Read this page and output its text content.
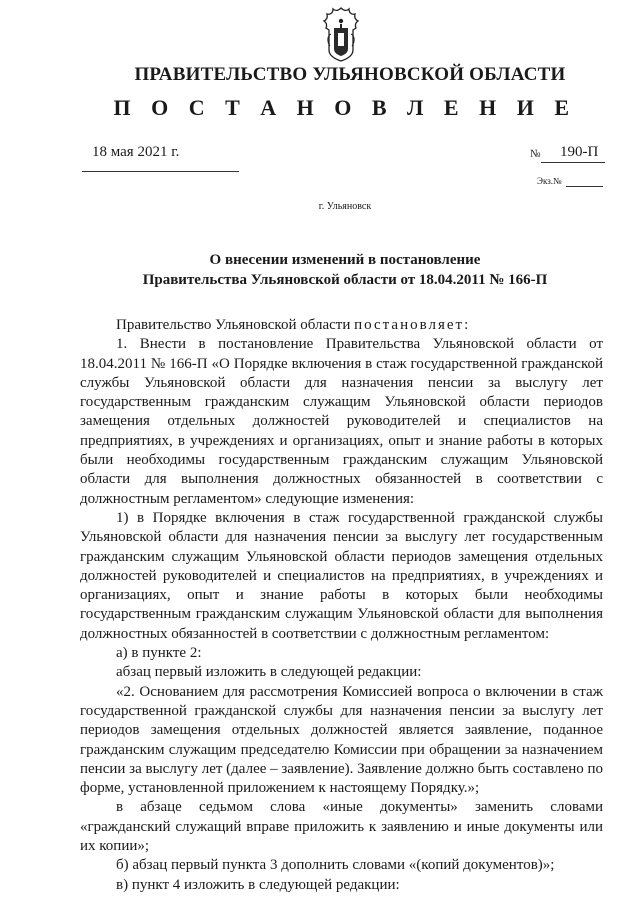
ПРАВИТЕЛЬСТВО УЛЬЯНОВСКОЙ ОБЛАСТИ
П О С Т А Н О В Л Е Н И Е
18 мая 2021 г.	№ 190-П
Экз.№
г. Ульяновск
О внесении изменений в постановление
Правительства Ульяновской области от 18.04.2011 № 166-П

Правительство Ульяновской области постановляет:

1. Внести в постановление Правительства Ульяновской области от 18.04.2011 № 166-П «О Порядке включения в стаж государственной гражданской службы Ульяновской области для назначения пенсии за выслугу лет государственным гражданским служащим Ульяновской области периодов замещения отдельных должностей руководителей и специалистов на предприятиях, в учреждениях и организациях, опыт и знание работы в которых были необходимы государственным гражданским служащим Ульяновской области для выполнения должностных обязанностей в соответствии с должностным регламентом» следующие изменения:

1) в Порядке включения в стаж государственной гражданской службы Ульяновской области для назначения пенсии за выслугу лет государственным гражданским служащим Ульяновской области периодов замещения отдельных должностей руководителей и специалистов на предприятиях, в учреждениях и организациях, опыт и знание работы в которых были необходимы государственным гражданским служащим Ульяновской области для выполнения должностных обязанностей в соответствии с должностным регламентом:

а) в пункте 2:

абзац первый изложить в следующей редакции:

«2. Основанием для рассмотрения Комиссией вопроса о включении в стаж государственной гражданской службы для назначения пенсии за выслугу лет периодов замещения отдельных должностей является заявление, поданное гражданским служащим председателю Комиссии при обращении за назначением пенсии за выслугу лет (далее – заявление). Заявление должно быть составлено по форме, установленной приложением к настоящему Порядку.»;

в абзаце седьмом слова «иные документы» заменить словами «гражданский служащий вправе приложить к заявлению и иные документы или их копии»;

б) абзац первый пункта 3 дополнить словами «(копий документов)»;

в) пункт 4 изложить в следующей редакции:
